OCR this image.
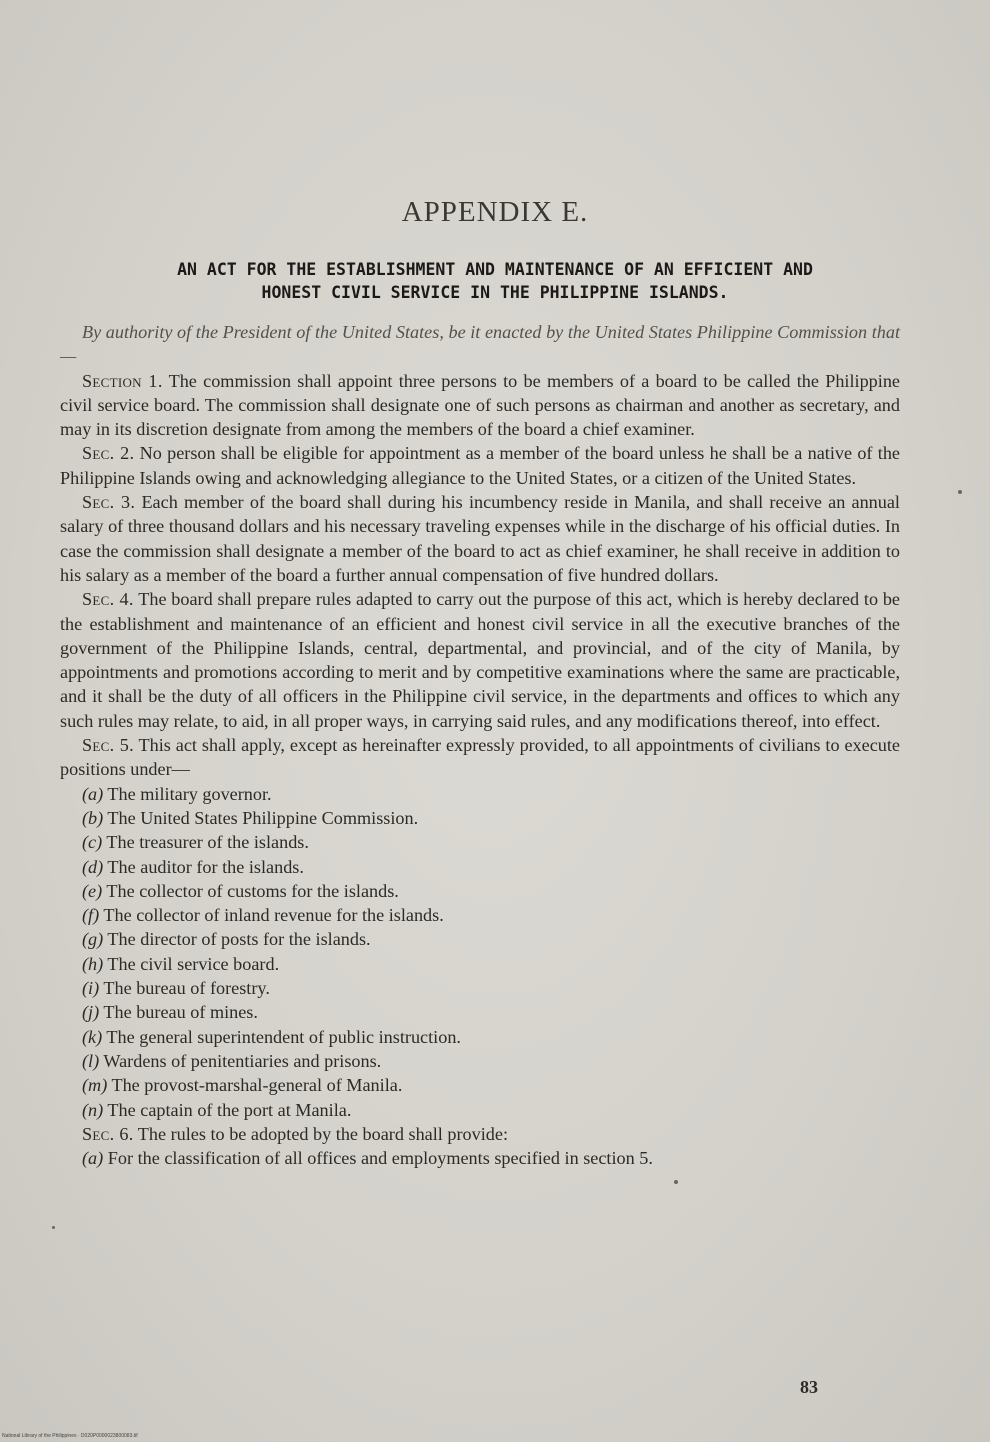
APPENDIX E.
AN ACT FOR THE ESTABLISHMENT AND MAINTENANCE OF AN EFFICIENT AND
HONEST CIVIL SERVICE IN THE PHILIPPINE ISLANDS.

By authority of the President of the United States, be it enacted by the United States Philippine Commission that—

Section 1. The commission shall appoint three persons to be members of a board to be called the Philippine civil service board. The commission shall designate one of such persons as chairman and another as secretary, and may in its discretion designate from among the members of the board a chief examiner.

Sec. 2. No person shall be eligible for appointment as a member of the board unless he shall be a native of the Philippine Islands owing and acknowledging allegiance to the United States, or a citizen of the United States.

Sec. 3. Each member of the board shall during his incumbency reside in Manila, and shall receive an annual salary of three thousand dollars and his necessary traveling expenses while in the discharge of his official duties. In case the commission shall designate a member of the board to act as chief examiner, he shall receive in addition to his salary as a member of the board a further annual compensation of five hundred dollars.

Sec. 4. The board shall prepare rules adapted to carry out the purpose of this act, which is hereby declared to be the establishment and maintenance of an efficient and honest civil service in all the executive branches of the government of the Philippine Islands, central, departmental, and provincial, and of the city of Manila, by appointments and promotions according to merit and by competitive examinations where the same are practicable, and it shall be the duty of all officers in the Philippine civil service, in the departments and offices to which any such rules may relate, to aid, in all proper ways, in carrying said rules, and any modifications thereof, into effect.

Sec. 5. This act shall apply, except as hereinafter expressly provided, to all appointments of civilians to execute positions under—

(a) The military governor.

(b) The United States Philippine Commission.

(c) The treasurer of the islands.

(d) The auditor for the islands.

(e) The collector of customs for the islands.

(f) The collector of inland revenue for the islands.

(g) The director of posts for the islands.

(h) The civil service board.

(i) The bureau of forestry.

(j) The bureau of mines.

(k) The general superintendent of public instruction.

(l) Wardens of penitentiaries and prisons.

(m) The provost-marshal-general of Manila.

(n) The captain of the port at Manila.

Sec. 6. The rules to be adopted by the board shall provide:

(a) For the classification of all offices and employments specified in section 5.

83
National Library of the Philippines · D020P0000023800083.tif
